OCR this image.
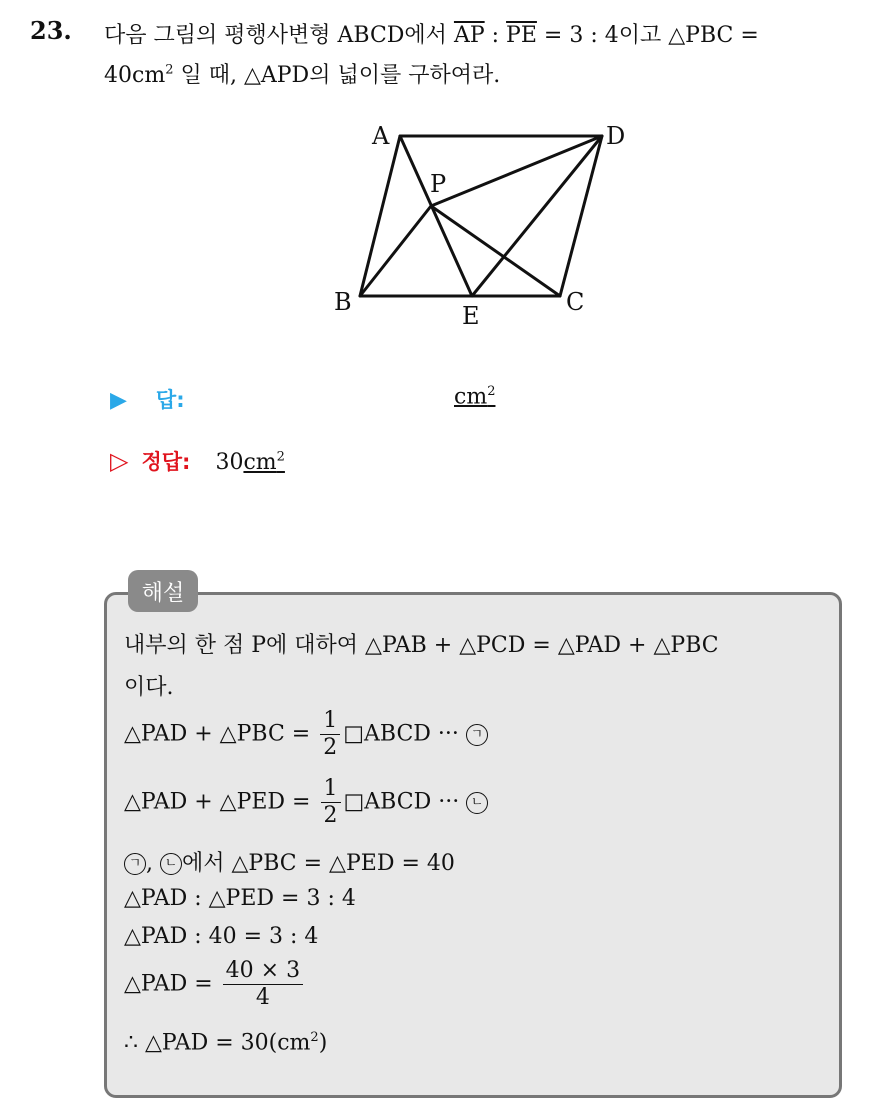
23. 다음 그림의 평행사변형 ABCD에서 $\overline{AP}$ : $\overline{PE} = 3$ : 4이고 △PBC =
$40cm^2$ 일 때, △APD의 넓이를 구하여라.
A	D
P
B	C
E
▶ 답:	$cm^2$
▷ 정답: $30cm^2$
해설
내부의 한 점 P에 대하여 △PAB + △PCD = △PAD + △PBC
이다.
△PAD + △PBC = $\frac{1}{2}$ □ABCD ··· ㄱ
△PAD + △PED = $\frac{1}{2}$ □ABCD ··· ㄴ
ㄱ , ㄴ 에서 △PBC = △PED = 40
△PAD : △PED = 3 : 4
△PAD : 40 = 3 : 4
△PAD = $\frac{40 \times 3}{4}$
∴ △PAD = $30(cm^2)$
